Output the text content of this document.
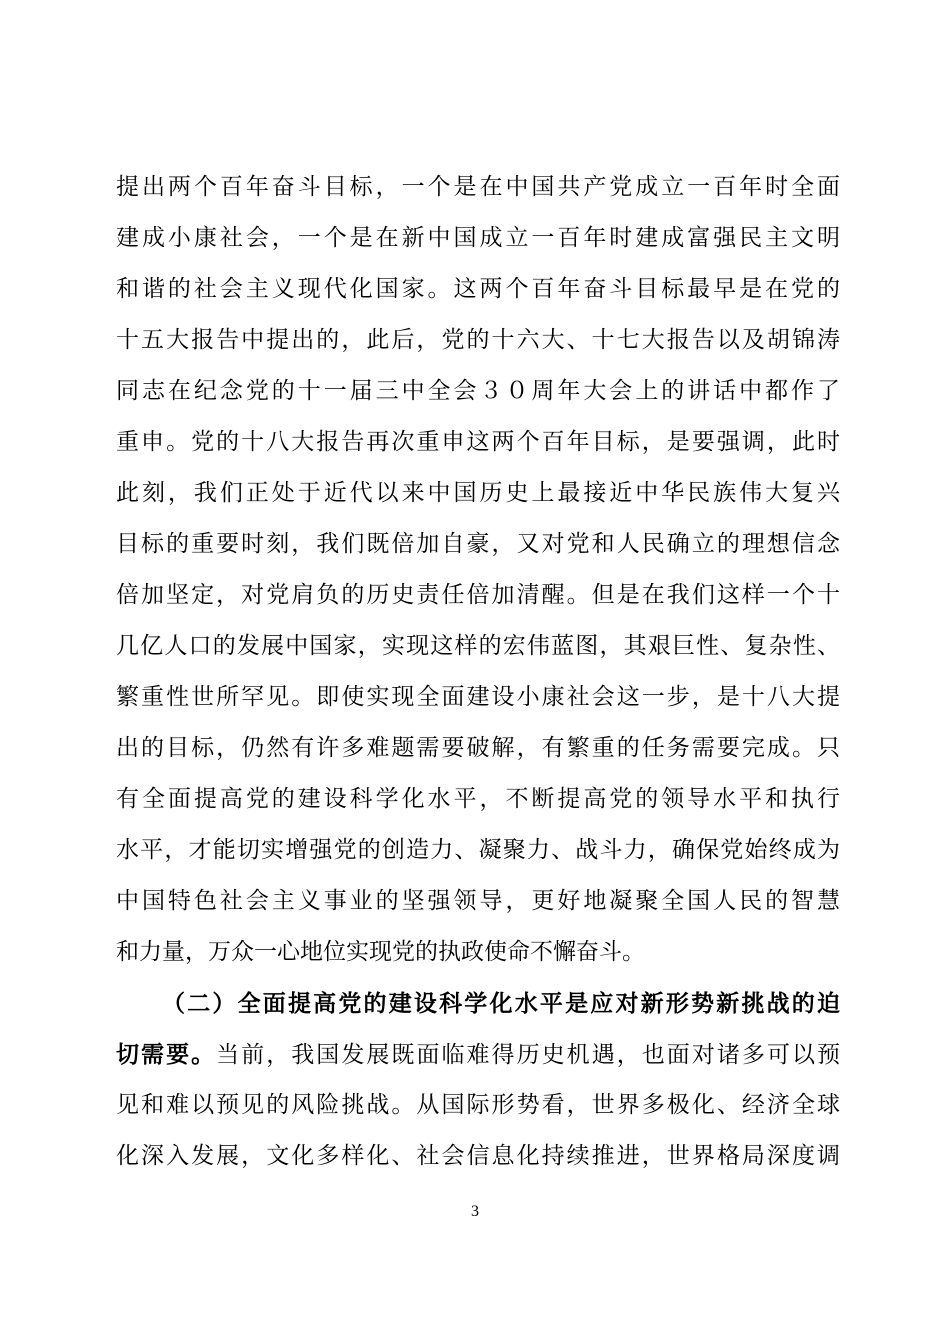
提出两个百年奋斗目标，一个是在中国共产党成立一百年时全面
建成小康社会，一个是在新中国成立一百年时建成富强民主文明
和谐的社会主义现代化国家。这两个百年奋斗目标最早是在党的
十五大报告中提出的，此后，党的十六大、十七大报告以及胡锦涛
同志在纪念党的十一届三中全会３０周年大会上的讲话中都作了
重申。党的十八大报告再次重申这两个百年目标，是要强调，此时
此刻，我们正处于近代以来中国历史上最接近中华民族伟大复兴
目标的重要时刻，我们既倍加自豪，又对党和人民确立的理想信念
倍加坚定，对党肩负的历史责任倍加清醒。但是在我们这样一个十
几亿人口的发展中国家，实现这样的宏伟蓝图，其艰巨性、复杂性、
繁重性世所罕见。即使实现全面建设小康社会这一步，是十八大提
出的目标，仍然有许多难题需要破解，有繁重的任务需要完成。只
有全面提高党的建设科学化水平，不断提高党的领导水平和执行
水平，才能切实增强党的创造力、凝聚力、战斗力，确保党始终成为
中国特色社会主义事业的坚强领导，更好地凝聚全国人民的智慧
和力量，万众一心地位实现党的执政使命不懈奋斗。
（二）全面提高党的建设科学化水平是应对新形势新挑战的迫
切需要。当前，我国发展既面临难得历史机遇，也面对诸多可以预
见和难以预见的风险挑战。从国际形势看，世界多极化、经济全球
化深入发展，文化多样化、社会信息化持续推进，世界格局深度调
3
